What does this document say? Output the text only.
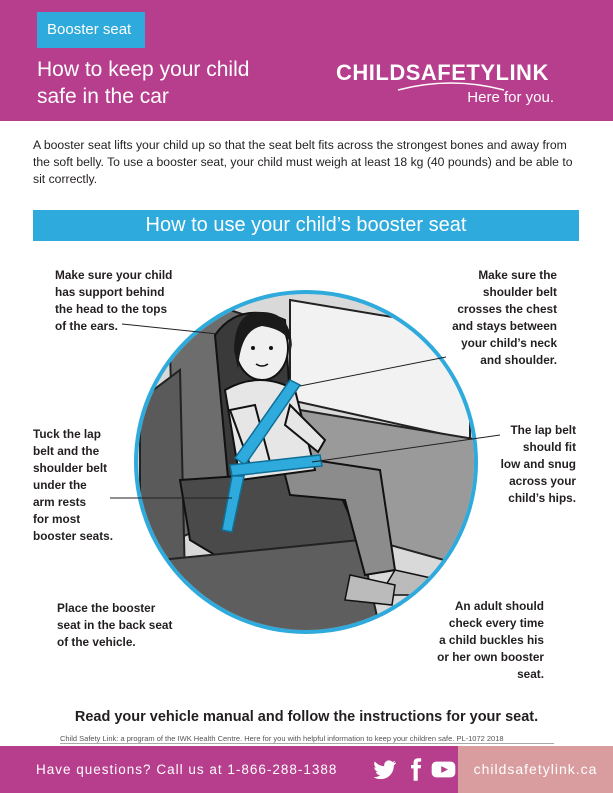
Booster seat
How to keep your child
safe in the car
CHILDSAFETYLINK
Here for you.
A booster seat lifts your child up so that the seat belt fits across the strongest bones and away from the soft belly. To use a booster seat, your child must weigh at least 18 kg (40 pounds) and be able to sit correctly.
How to use your child’s booster seat
Make sure your child
has support behind
the head to the tops
of the ears.
Make sure the
shoulder belt
crosses the chest
and stays between
your child’s neck
and shoulder.
Tuck the lap
belt and the
shoulder belt
under the
arm rests
for most
booster seats.
The lap belt
should fit
low and snug
across your
child’s hips.
Place the booster
seat in the back seat
of the vehicle.
An adult should
check every time
a child buckles his
or her own booster
seat.
Read your vehicle manual and follow the instructions for your seat.
Child Safety Link: a program of the IWK Health Centre. Here for you with helpful information to keep your children safe. PL-1072 2018
Have questions? Call us at 1-866-288-1388	childsafetylink.ca
